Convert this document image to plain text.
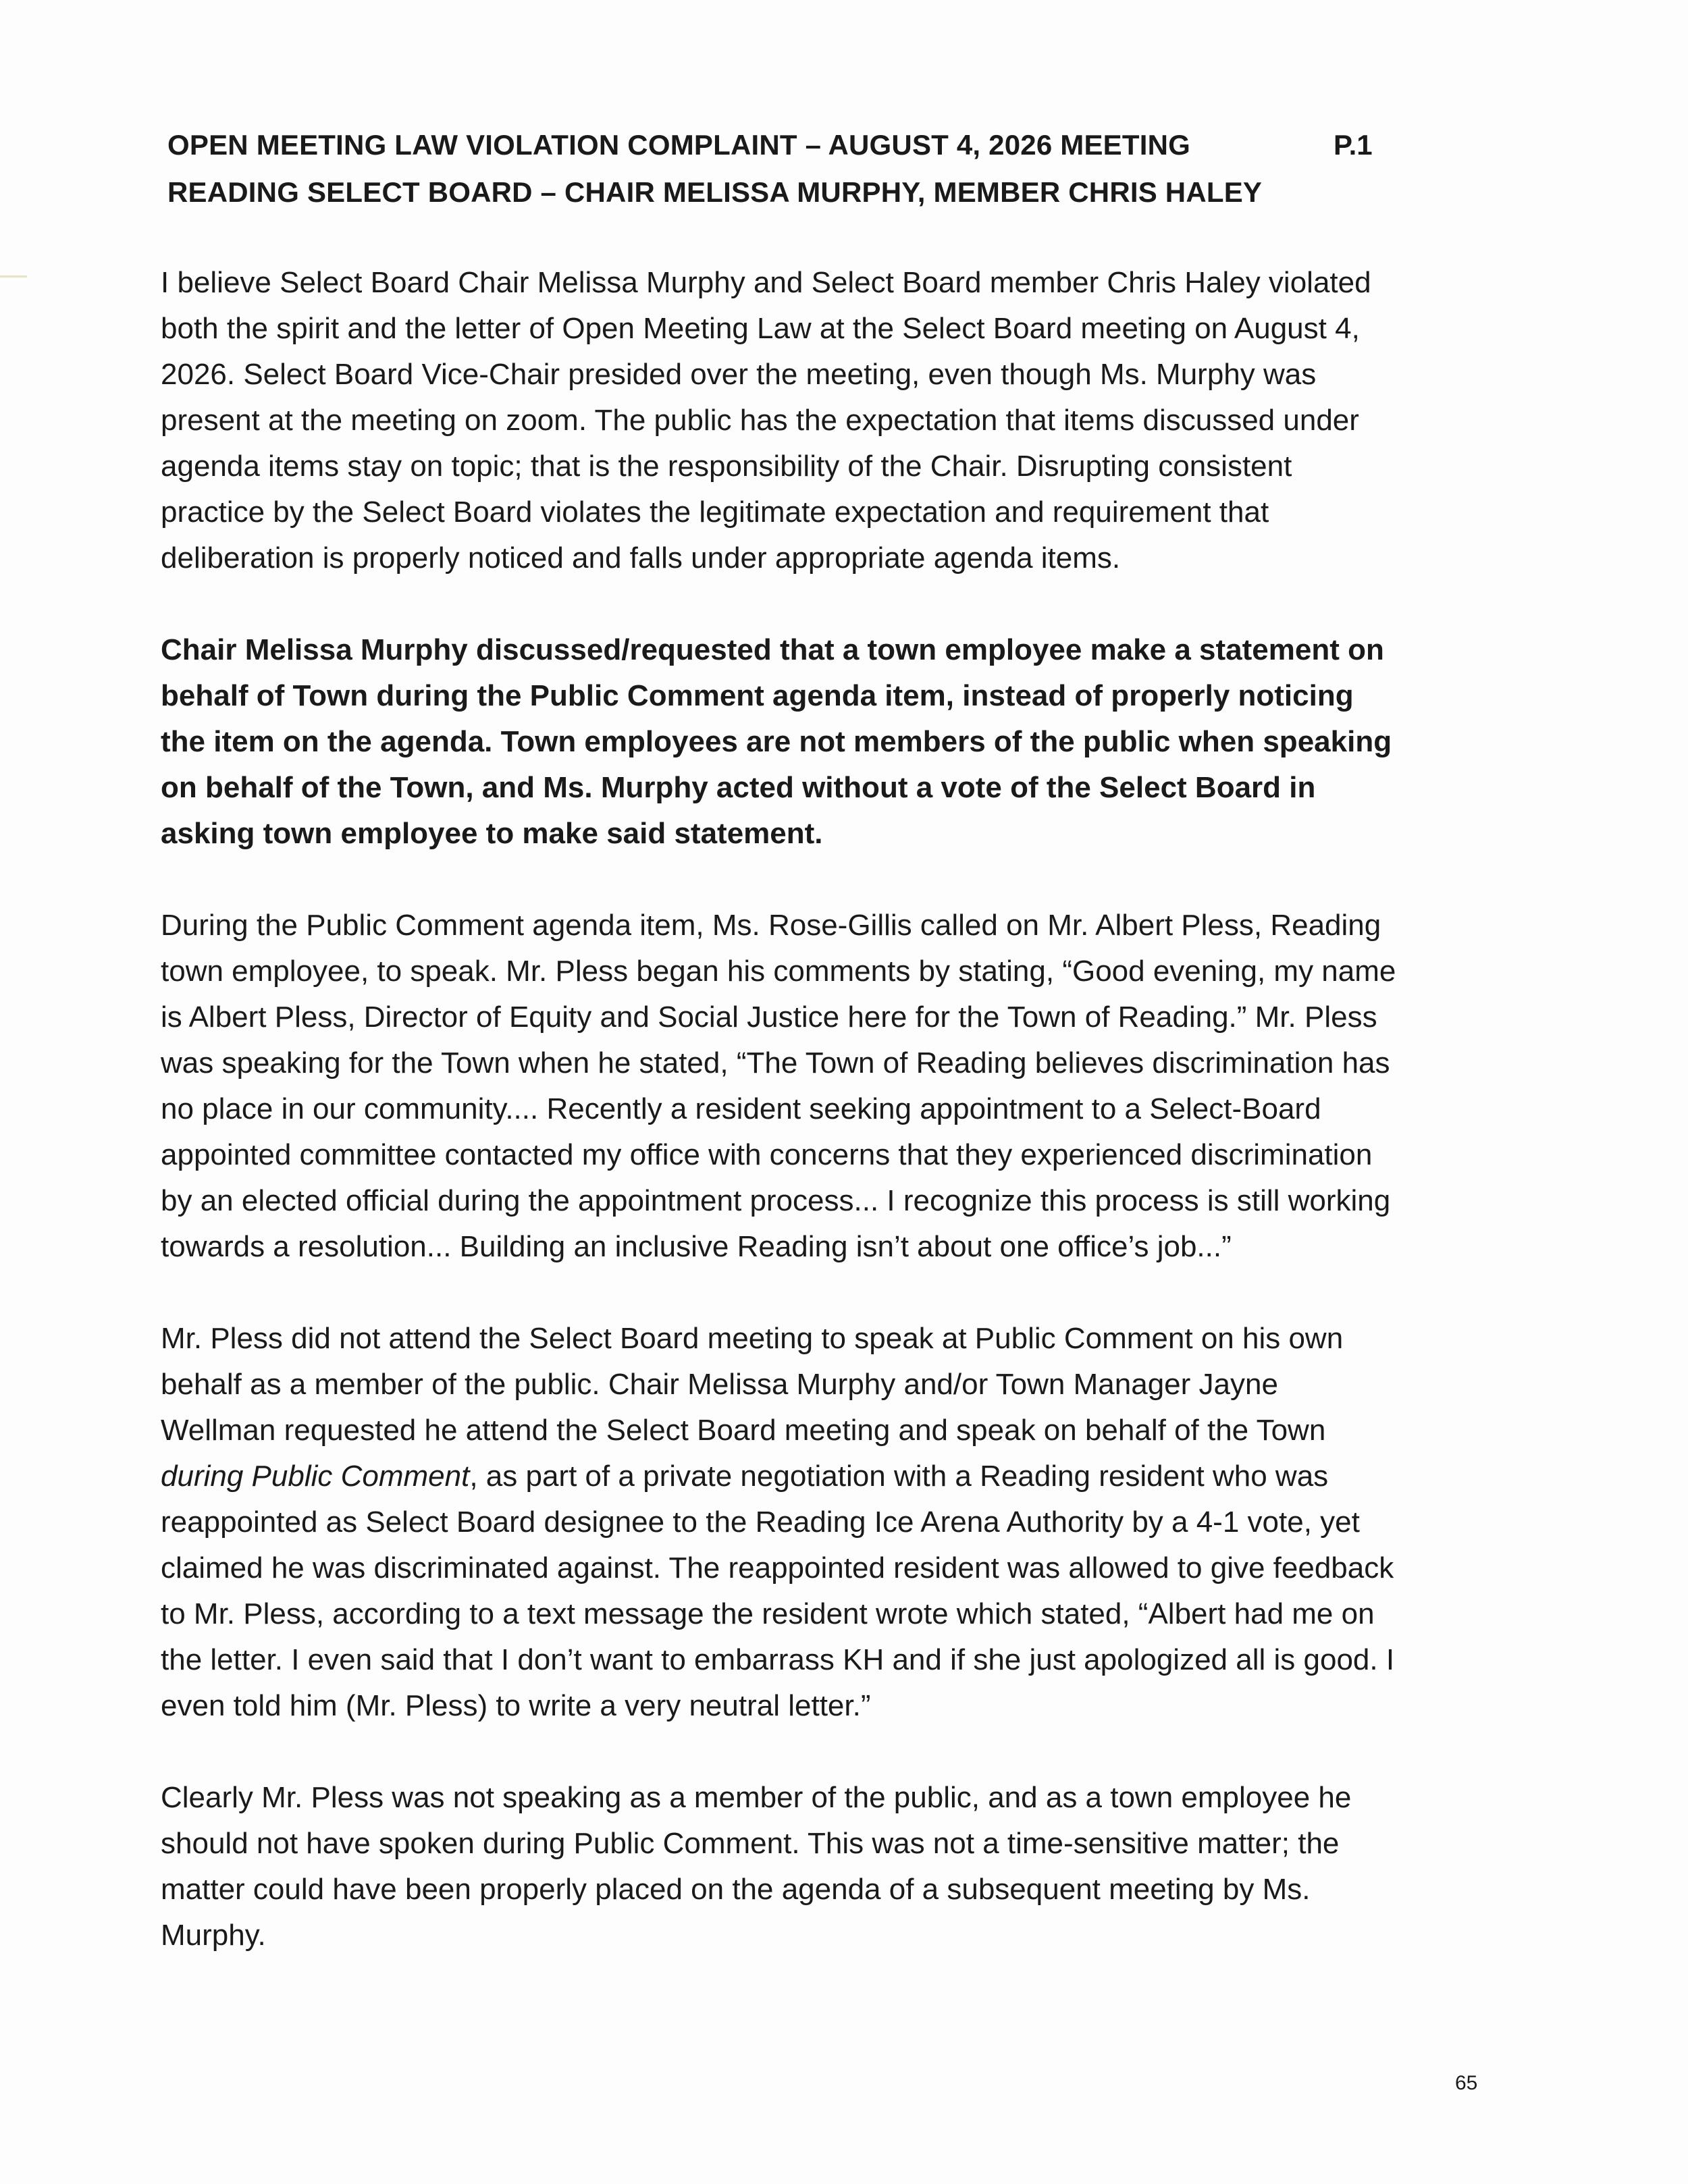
OPEN MEETING LAW VIOLATION COMPLAINT – AUGUST 4, 2026 MEETING
READING SELECT BOARD – CHAIR MELISSA MURPHY, MEMBER CHRIS HALEY
P.1

I believe Select Board Chair Melissa Murphy and Select Board member Chris Haley violated both the spirit and the letter of Open Meeting Law at the Select Board meeting on August 4, 2026. Select Board Vice-Chair presided over the meeting, even though Ms. Murphy was present at the meeting on zoom. The public has the expectation that items discussed under agenda items stay on topic; that is the responsibility of the Chair. Disrupting consistent practice by the Select Board violates the legitimate expectation and requirement that deliberation is properly noticed and falls under appropriate agenda items.

Chair Melissa Murphy discussed/requested that a town employee make a statement on behalf of Town during the Public Comment agenda item, instead of properly noticing the item on the agenda. Town employees are not members of the public when speaking on behalf of the Town, and Ms. Murphy acted without a vote of the Select Board in asking town employee to make said statement.

During the Public Comment agenda item, Ms. Rose-Gillis called on Mr. Albert Pless, Reading town employee, to speak. Mr. Pless began his comments by stating, “Good evening, my name is Albert Pless, Director of Equity and Social Justice here for the Town of Reading.” Mr. Pless was speaking for the Town when he stated, “The Town of Reading believes discrimination has no place in our community.... Recently a resident seeking appointment to a Select-Board appointed committee contacted my office with concerns that they experienced discrimination by an elected official during the appointment process... I recognize this process is still working towards a resolution... Building an inclusive Reading isn’t about one office’s job...”

Mr. Pless did not attend the Select Board meeting to speak at Public Comment on his own behalf as a member of the public. Chair Melissa Murphy and/or Town Manager Jayne Wellman requested he attend the Select Board meeting and speak on behalf of the Town during Public Comment, as part of a private negotiation with a Reading resident who was reappointed as Select Board designee to the Reading Ice Arena Authority by a 4-1 vote, yet claimed he was discriminated against. The reappointed resident was allowed to give feedback to Mr. Pless, according to a text message the resident wrote which stated, “Albert had me on the letter. I even said that I don’t want to embarrass KH and if she just apologized all is good. I even told him (Mr. Pless) to write a very neutral letter.”

Clearly Mr. Pless was not speaking as a member of the public, and as a town employee he should not have spoken during Public Comment. This was not a time-sensitive matter; the matter could have been properly placed on the agenda of a subsequent meeting by Ms. Murphy.

65
